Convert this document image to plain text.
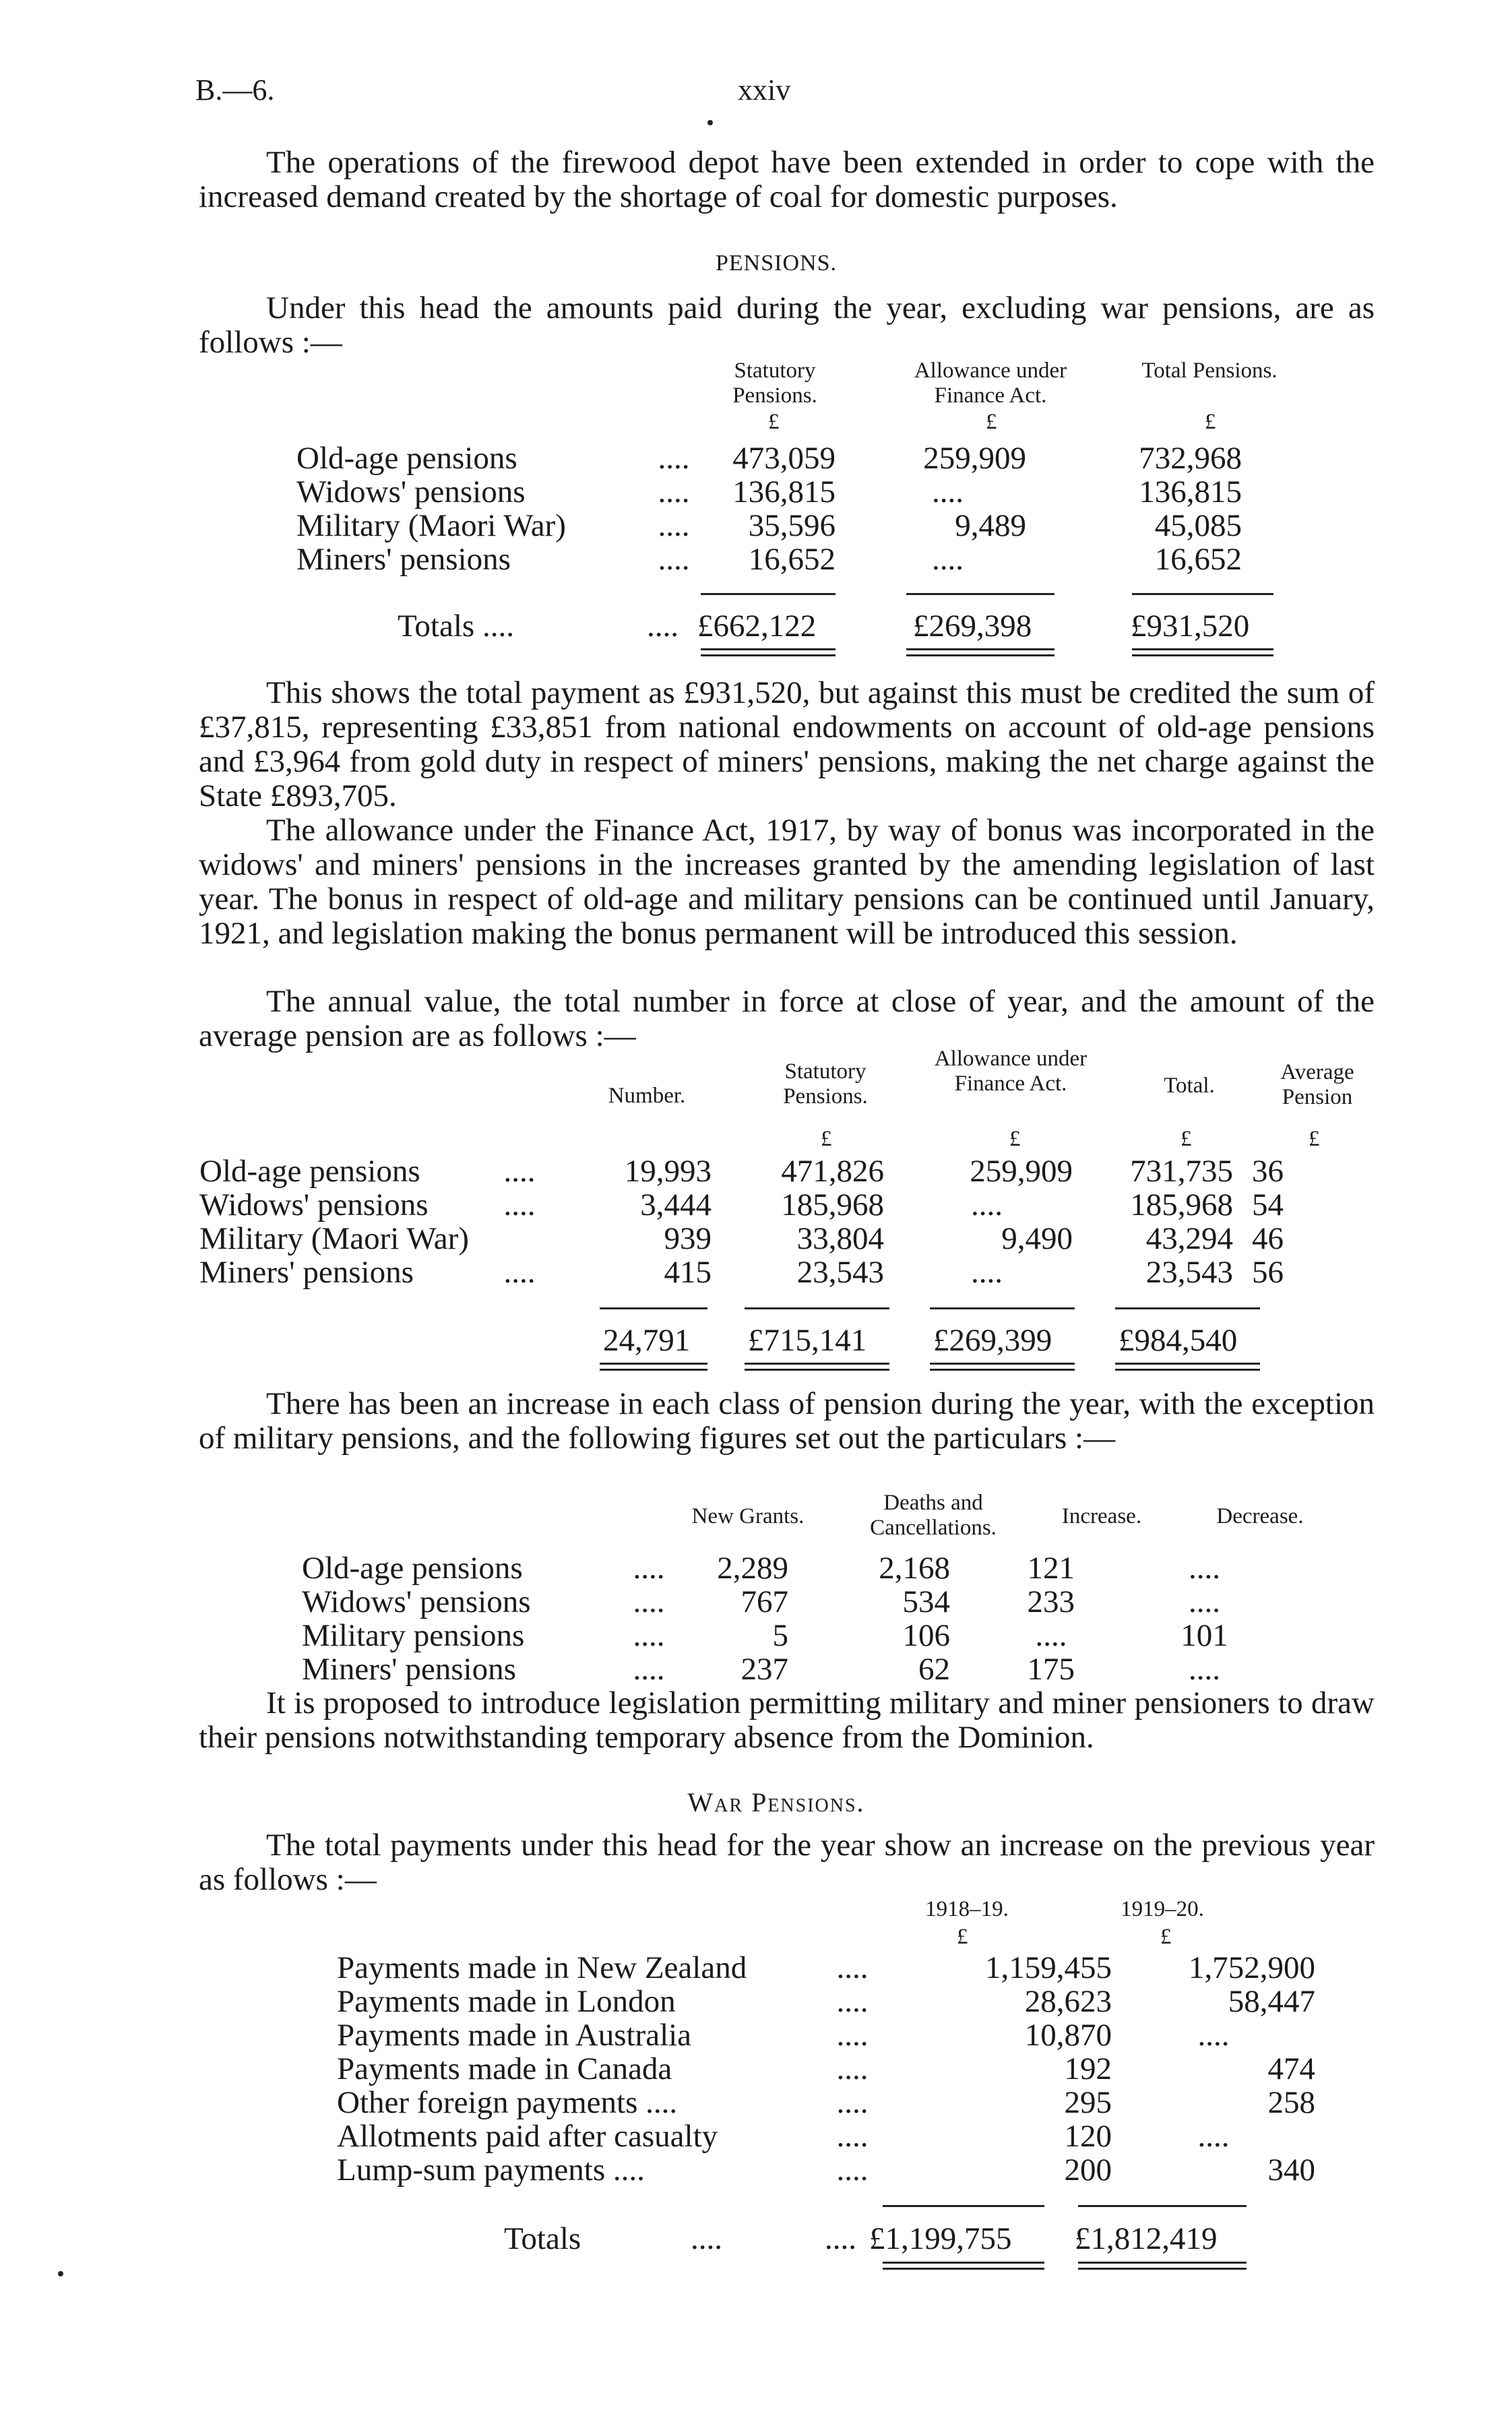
B.—6.	xxiv

The operations of the firewood depot have been extended in order to cope with the increased demand created by the shortage of coal for domestic purposes.

PENSIONS.

Under this head the amounts paid during the year, excluding war pensions, are as follows :—

Statutory Pensions.
Allowance under Finance Act.
Total Pensions.
£	£	£
Old-age pensions	....	473,059	259,909	732,968
Widows' pensions	....	136,815	....	136,815
Military (Maori War)	....	35,596	9,489	45,085
Miners' pensions	....	16,652	....	16,652
Totals ....	.... £662,122	£269,398	£931,520

This shows the total payment as £931,520, but against this must be credited the sum of £37,815, representing £33,851 from national endowments on account of old-age pensions and £3,964 from gold duty in respect of miners' pensions, making the net charge against the State £893,705.

The allowance under the Finance Act, 1917, by way of bonus was incorporated in the widows' and miners' pensions in the increases granted by the amending legislation of last year. The bonus in respect of old-age and military pensions can be continued until January, 1921, and legislation making the bonus permanent will be introduced this session.

The annual value, the total number in force at close of year, and the amount of the average pension are as follows :—

Number.
Statutory Pensions.
Allowance under Finance Act.	Total.
Average Pension
£	£	£	£
Old-age pensions	....	19,993	471,826	259,909	731,735	36
Widows' pensions	....	3,444	185,968	....	185,968	54
Military (Maori War)		939	33,804	9,490	43,294	46
Miners' pensions	....	415	23,543	....	23,543	56
24,791 £715,141 £269,399 £984,540

There has been an increase in each class of pension during the year, with the exception of military pensions, and the following figures set out the particulars :—

New Grants.
Deaths and Cancellations.	Increase.	Decrease.
Old-age pensions	....	2,289	2,168	121	....
Widows' pensions	....	767	534	233	....
Military pensions	....	5	106	....	101
Miners' pensions	....	237	62	175	....

It is proposed to introduce legislation permitting military and miner pensioners to draw their pensions notwithstanding temporary absence from the Dominion.

War Pensions.

The total payments under this head for the year show an increase on the previous year as follows :—

1918–19.	1919–20.
£	£
Payments made in New Zealand	....	1,159,455	1,752,900
Payments made in London	....	28,623	58,447
Payments made in Australia	....	10,870	....
Payments made in Canada	....	192	474
Other foreign payments ....	....	295	258
Allotments paid after casualty	....	120	....
Lump-sum payments ....	....	200	340
Totals	....	.... £1,199,755 £1,812,419
